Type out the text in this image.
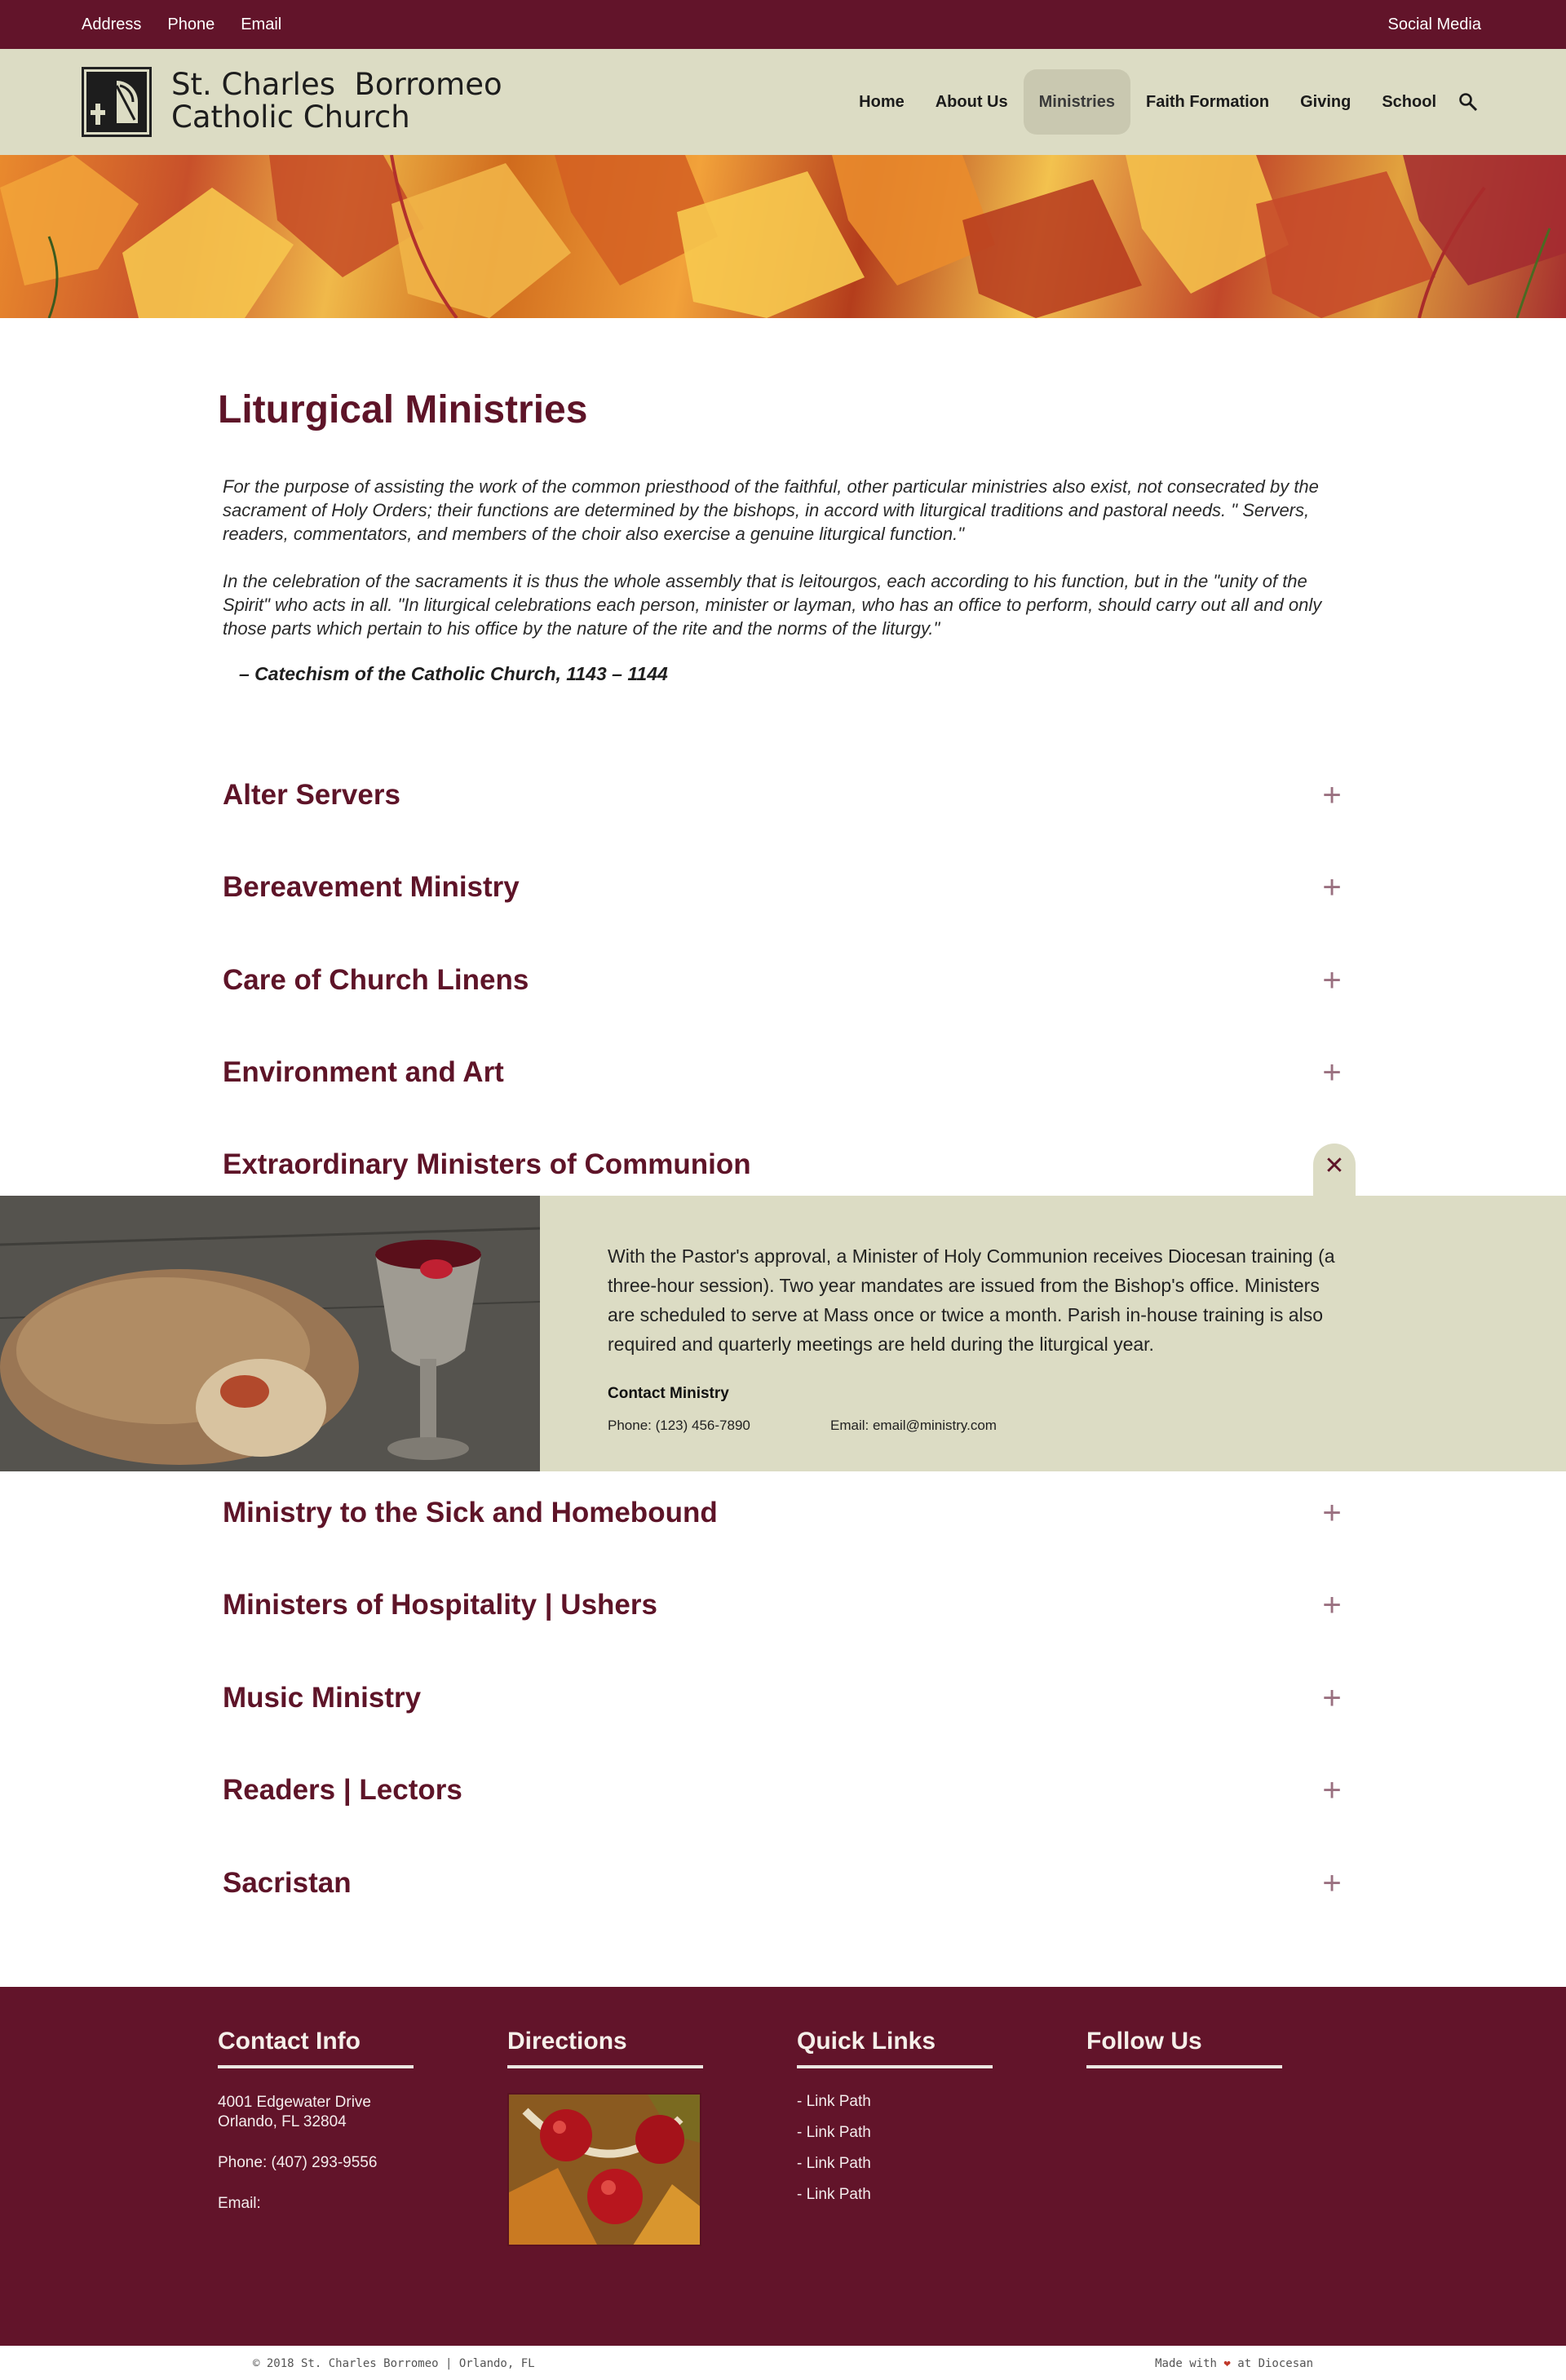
Address Phone Email	Social Media
St. Charles  Borromeo
Catholic Church	Home	About Us	Ministries	Faith Formation	Giving	School
Liturgical Ministries

For the purpose of assisting the work of the common priesthood of the faithful, other particular ministries also exist, not consecrated by the sacrament of Holy Orders; their functions are determined by the bishops, in accord with liturgical traditions and pastoral needs. " Servers, readers, commentators, and members of the choir also exercise a genuine liturgical function."

In the celebration of the sacraments it is thus the whole assembly that is leitourgos, each according to his function, but in the "unity of the Spirit" who acts in all. "In liturgical celebrations each person, minister or layman, who has an office to perform, should carry out all and only those parts which pertain to his office by the nature of the rite and the norms of the liturgy."

– Catechism of the Catholic Church, 1143 – 1144
Alter Servers	+
Bereavement Ministry	+
Care of Church Linens	+
Environment and Art	+
Extraordinary Ministers of Communion	✕
With the Pastor's approval, a Minister of Holy Communion receives Diocesan training (a three-hour session). Two year mandates are issued from the Bishop's office. Ministers are scheduled to serve at Mass once or twice a month. Parish in-house training is also required and quarterly meetings are held during the liturgical year.
Contact Ministry
Phone: (123) 456-7890	Email: email@ministry.com
Ministry to the Sick and Homebound	+
Ministers of Hospitality | Ushers	+
Music Ministry	+
Readers | Lectors	+
Sacristan	+
Contact Info
4001 Edgewater Drive
Orlando, FL 32804
Phone: (407) 293-9556
Email:
Directions	Quick Links
- Link Path
- Link Path
- Link Path
- Link Path
Follow Us
© 2018 St. Charles Borromeo | Orlando, FL	Made with ❤ at Diocesan
